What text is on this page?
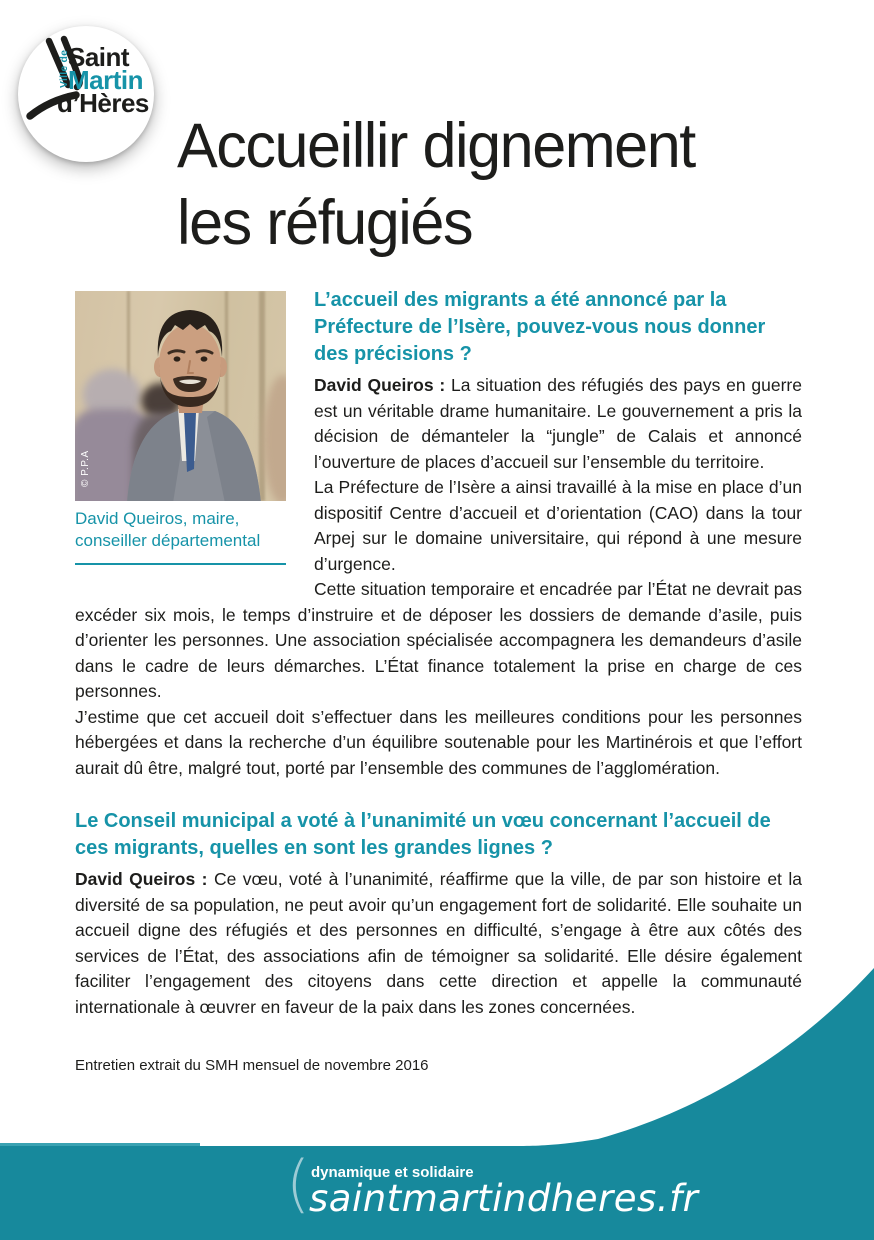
Ville de
Saint
Martin
d’Hères
Accueillir dignement
les réfugiés
© P.P.A
David Queiros, maire,
conseiller départemental
L’accueil des migrants a été annoncé par la Préfecture de l’Isère, pouvez-vous nous donner des précisions ?

David Queiros : La situation des réfugiés des pays en guerre est un véritable drame humanitaire. Le gouvernement a pris la décision de démanteler la “jungle” de Calais et annoncé l’ouverture de places d’accueil sur l’ensemble du territoire.

La Préfecture de l’Isère a ainsi travaillé à la mise en place d’un dispositif Centre d’accueil et d’orientation (CAO) dans la tour Arpej sur le domaine universitaire, qui répond à une mesure d’urgence.

Cette situation temporaire et encadrée par l’État ne devrait pas excéder six mois, le temps d’instruire et de déposer les dossiers de demande d’asile, puis d’orienter les personnes. Une association spécialisée accompagnera les demandeurs d’asile dans le cadre de leurs démarches. L’État finance totalement la prise en charge de ces personnes.

J’estime que cet accueil doit s’effectuer dans les meilleures conditions pour les personnes hébergées et dans la recherche d’un équilibre soutenable pour les Martinérois et que l’effort aurait dû être, malgré tout, porté par l’ensemble des communes de l’agglomération.

Le Conseil municipal a voté à l’unanimité un vœu concernant l’accueil de ces migrants, quelles en sont les grandes lignes ?

David Queiros : Ce vœu, voté à l’unanimité, réaffirme que la ville, de par son histoire et la diversité de sa population, ne peut avoir qu’un engagement fort de solidarité. Elle souhaite un accueil digne des réfugiés et des personnes en difficulté, s’engage à être aux côtés des services de l’État, des associations afin de témoigner sa solidarité. Elle désire également faciliter l’engagement des citoyens dans cette direction et appelle la communauté internationale à œuvrer en faveur de la paix dans les zones concernées.

Entretien extrait du SMH mensuel de novembre 2016

( dynamique et solidaire
saintmartindheres.fr
